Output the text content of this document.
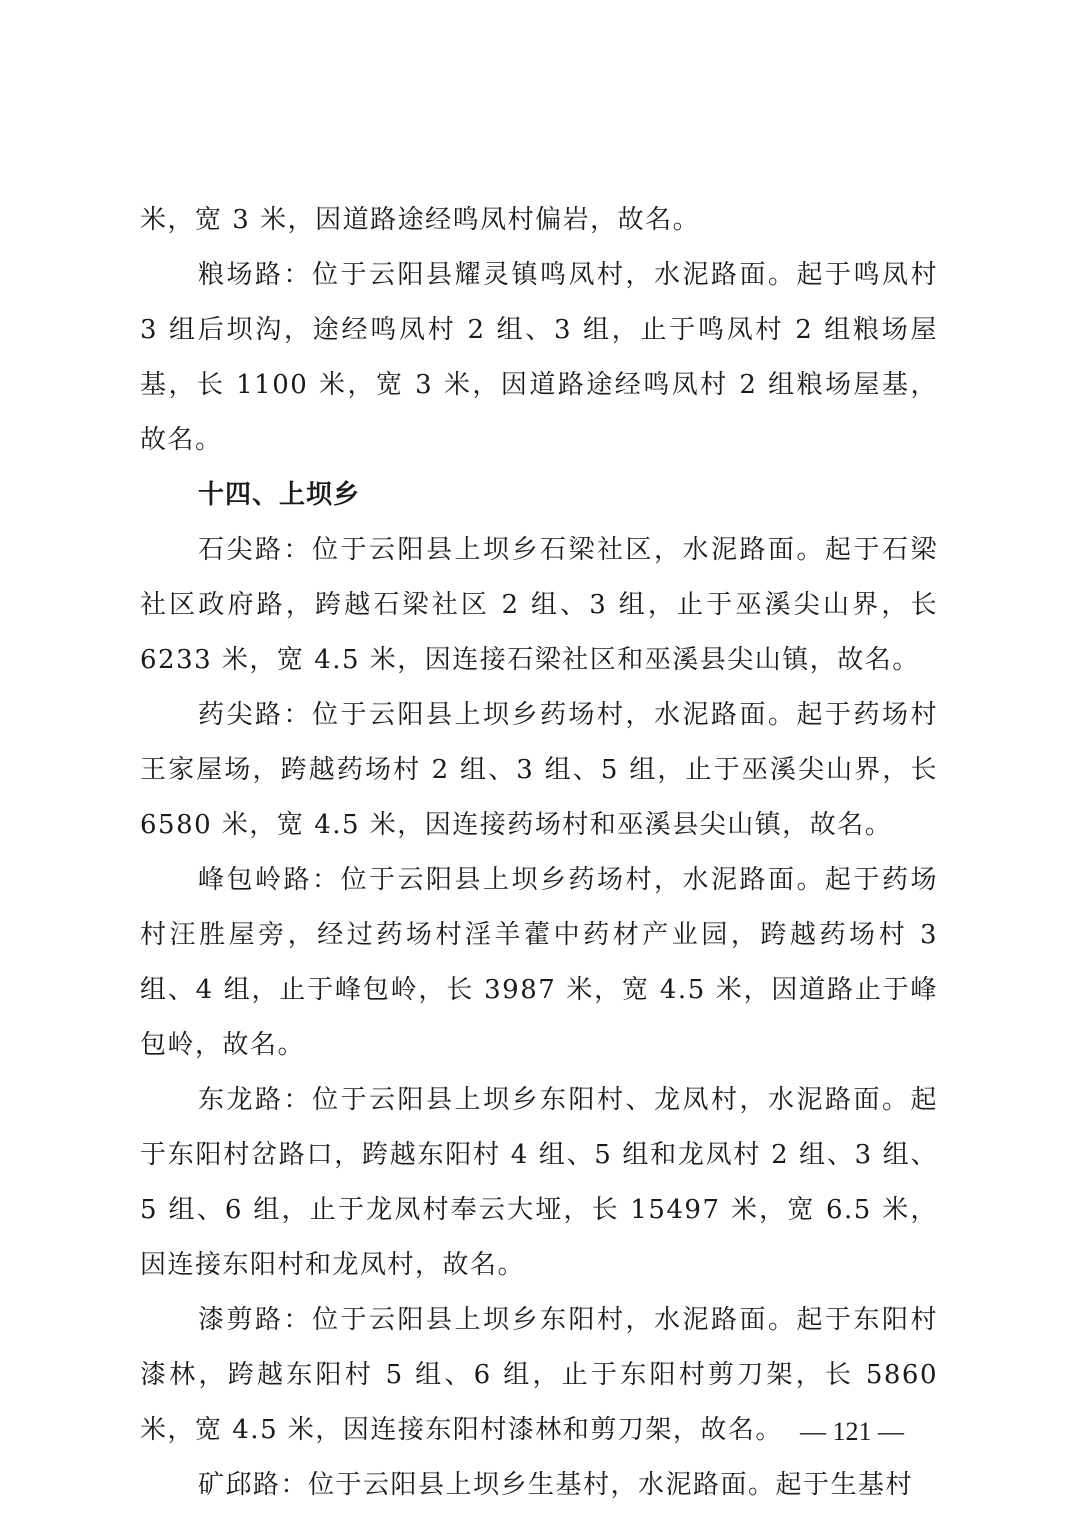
米，宽 3 米，因道路途经鸣凤村偏岩，故名。

粮场路：位于云阳县耀灵镇鸣凤村，水泥路面。起于鸣凤村 3 组后坝沟，途经鸣凤村 2 组、3 组，止于鸣凤村 2 组粮场屋基，长 1100 米，宽 3 米，因道路途经鸣凤村 2 组粮场屋基，故名。

十四、上坝乡

石尖路：位于云阳县上坝乡石梁社区，水泥路面。起于石梁社区政府路，跨越石梁社区 2 组、3 组，止于巫溪尖山界，长 6233 米，宽 4.5 米，因连接石梁社区和巫溪县尖山镇，故名。

药尖路：位于云阳县上坝乡药场村，水泥路面。起于药场村王家屋场，跨越药场村 2 组、3 组、5 组，止于巫溪尖山界，长 6580 米，宽 4.5 米，因连接药场村和巫溪县尖山镇，故名。

峰包岭路：位于云阳县上坝乡药场村，水泥路面。起于药场村汪胜屋旁，经过药场村淫羊藿中药材产业园，跨越药场村 3 组、4 组，止于峰包岭，长 3987 米，宽 4.5 米，因道路止于峰包岭，故名。

东龙路：位于云阳县上坝乡东阳村、龙凤村，水泥路面。起于东阳村岔路口，跨越东阳村 4 组、5 组和龙凤村 2 组、3 组、5 组、6 组，止于龙凤村奉云大垭，长 15497 米，宽 6.5 米，因连接东阳村和龙凤村，故名。

漆剪路：位于云阳县上坝乡东阳村，水泥路面。起于东阳村漆林，跨越东阳村 5 组、6 组，止于东阳村剪刀架，长 5860 米，宽 4.5 米，因连接东阳村漆林和剪刀架，故名。

矿邱路：位于云阳县上坝乡生基村，水泥路面。起于生基村

— 121 —
